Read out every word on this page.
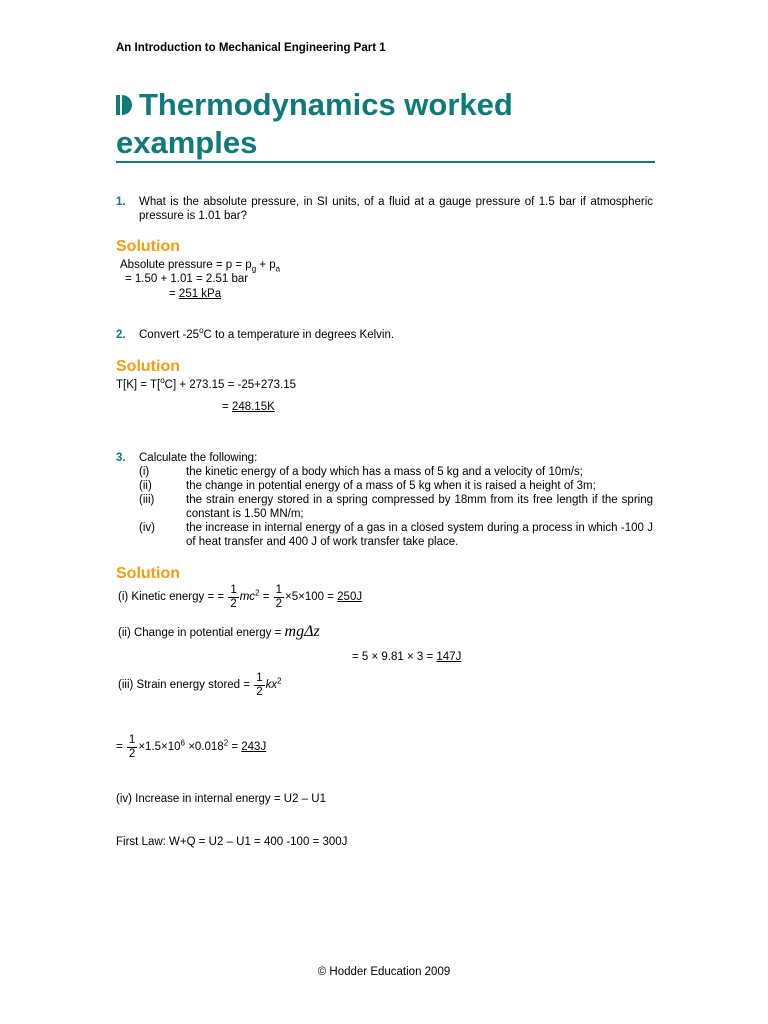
An Introduction to Mechanical Engineering Part 1
Thermodynamics worked examples
1. What is the absolute pressure, in SI units, of a fluid at a gauge pressure of 1.5 bar if atmospheric pressure is 1.01 bar?
Solution
Absolute pressure = $p = p_g + p_a$
= 1.50 + 1.01 = 2.51 bar
= 251 kPa
2. Convert -25$^o$C to a temperature in degrees Kelvin.
Solution
T[K] = T[$^o$C] + 273.15 = -25+273.15
= 248.15K
3. Calculate the following:
(i)	the kinetic energy of a body which has a mass of 5 kg and a velocity of 10m/s;
(ii)	the change in potential energy of a mass of 5 kg when it is raised a height of 3m;
(iii)	the strain energy stored in a spring compressed by 18mm from its free length if the spring constant is 1.50 MN/m;
(iv)	the increase in internal energy of a gas in a closed system during a process in which -100 J of heat transfer and 400 J of work transfer take place.
Solution
(i) Kinetic energy = = $\frac{1}{2} mc^2 = \frac{1}{2} \times 5\times 100 = 250J$
(ii) Change in potential energy = mgΔz
= 5 × 9.81 × 3 = 147J
(iii) Strain energy stored = $\frac{1}{2} kx^2$
= $\frac{1}{2} \times 1.5\times 10^6 \times 0.018^2 = 243J$
(iv) Increase in internal energy = U2 – U1
First Law: W+Q = U2 – U1 = 400 -100 = 300J
© Hodder Education 2009
